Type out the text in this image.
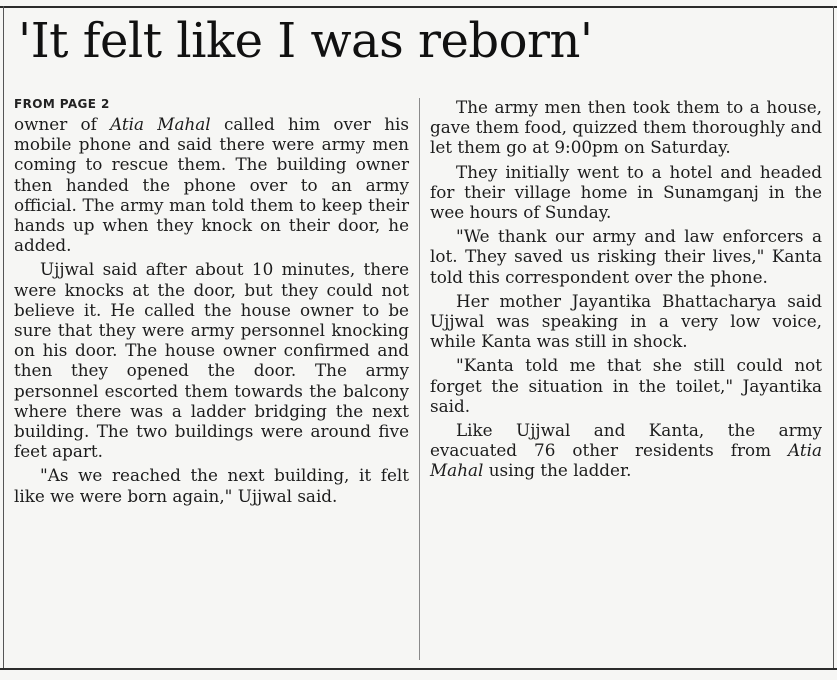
'It felt like I was reborn'
FROM PAGE 2

owner of Atia Mahal called him over his mobile phone and said there were army men coming to rescue them. The building owner then handed the phone over to an army official. The army man told them to keep their hands up when they knock on their door, he added.

Ujjwal said after about 10 minutes, there were knocks at the door, but they could not believe it. He called the house owner to be sure that they were army personnel knocking on his door. The house owner confirmed and then they opened the door. The army personnel escorted them towards the balcony where there was a ladder bridging the next building. The two buildings were around five feet apart.

"As we reached the next building, it felt like we were born again," Ujjwal said.

The army men then took them to a house, gave them food, quizzed them thoroughly and let them go at 9:00pm on Saturday.

They initially went to a hotel and headed for their village home in Sunamganj in the wee hours of Sunday.

"We thank our army and law enforcers a lot. They saved us risking their lives," Kanta told this correspondent over the phone.

Her mother Jayantika Bhattacharya said Ujjwal was speaking in a very low voice, while Kanta was still in shock.

"Kanta told me that she still could not forget the situation in the toilet," Jayantika said.

Like Ujjwal and Kanta, the army evacuated 76 other residents from Atia Mahal using the ladder.
